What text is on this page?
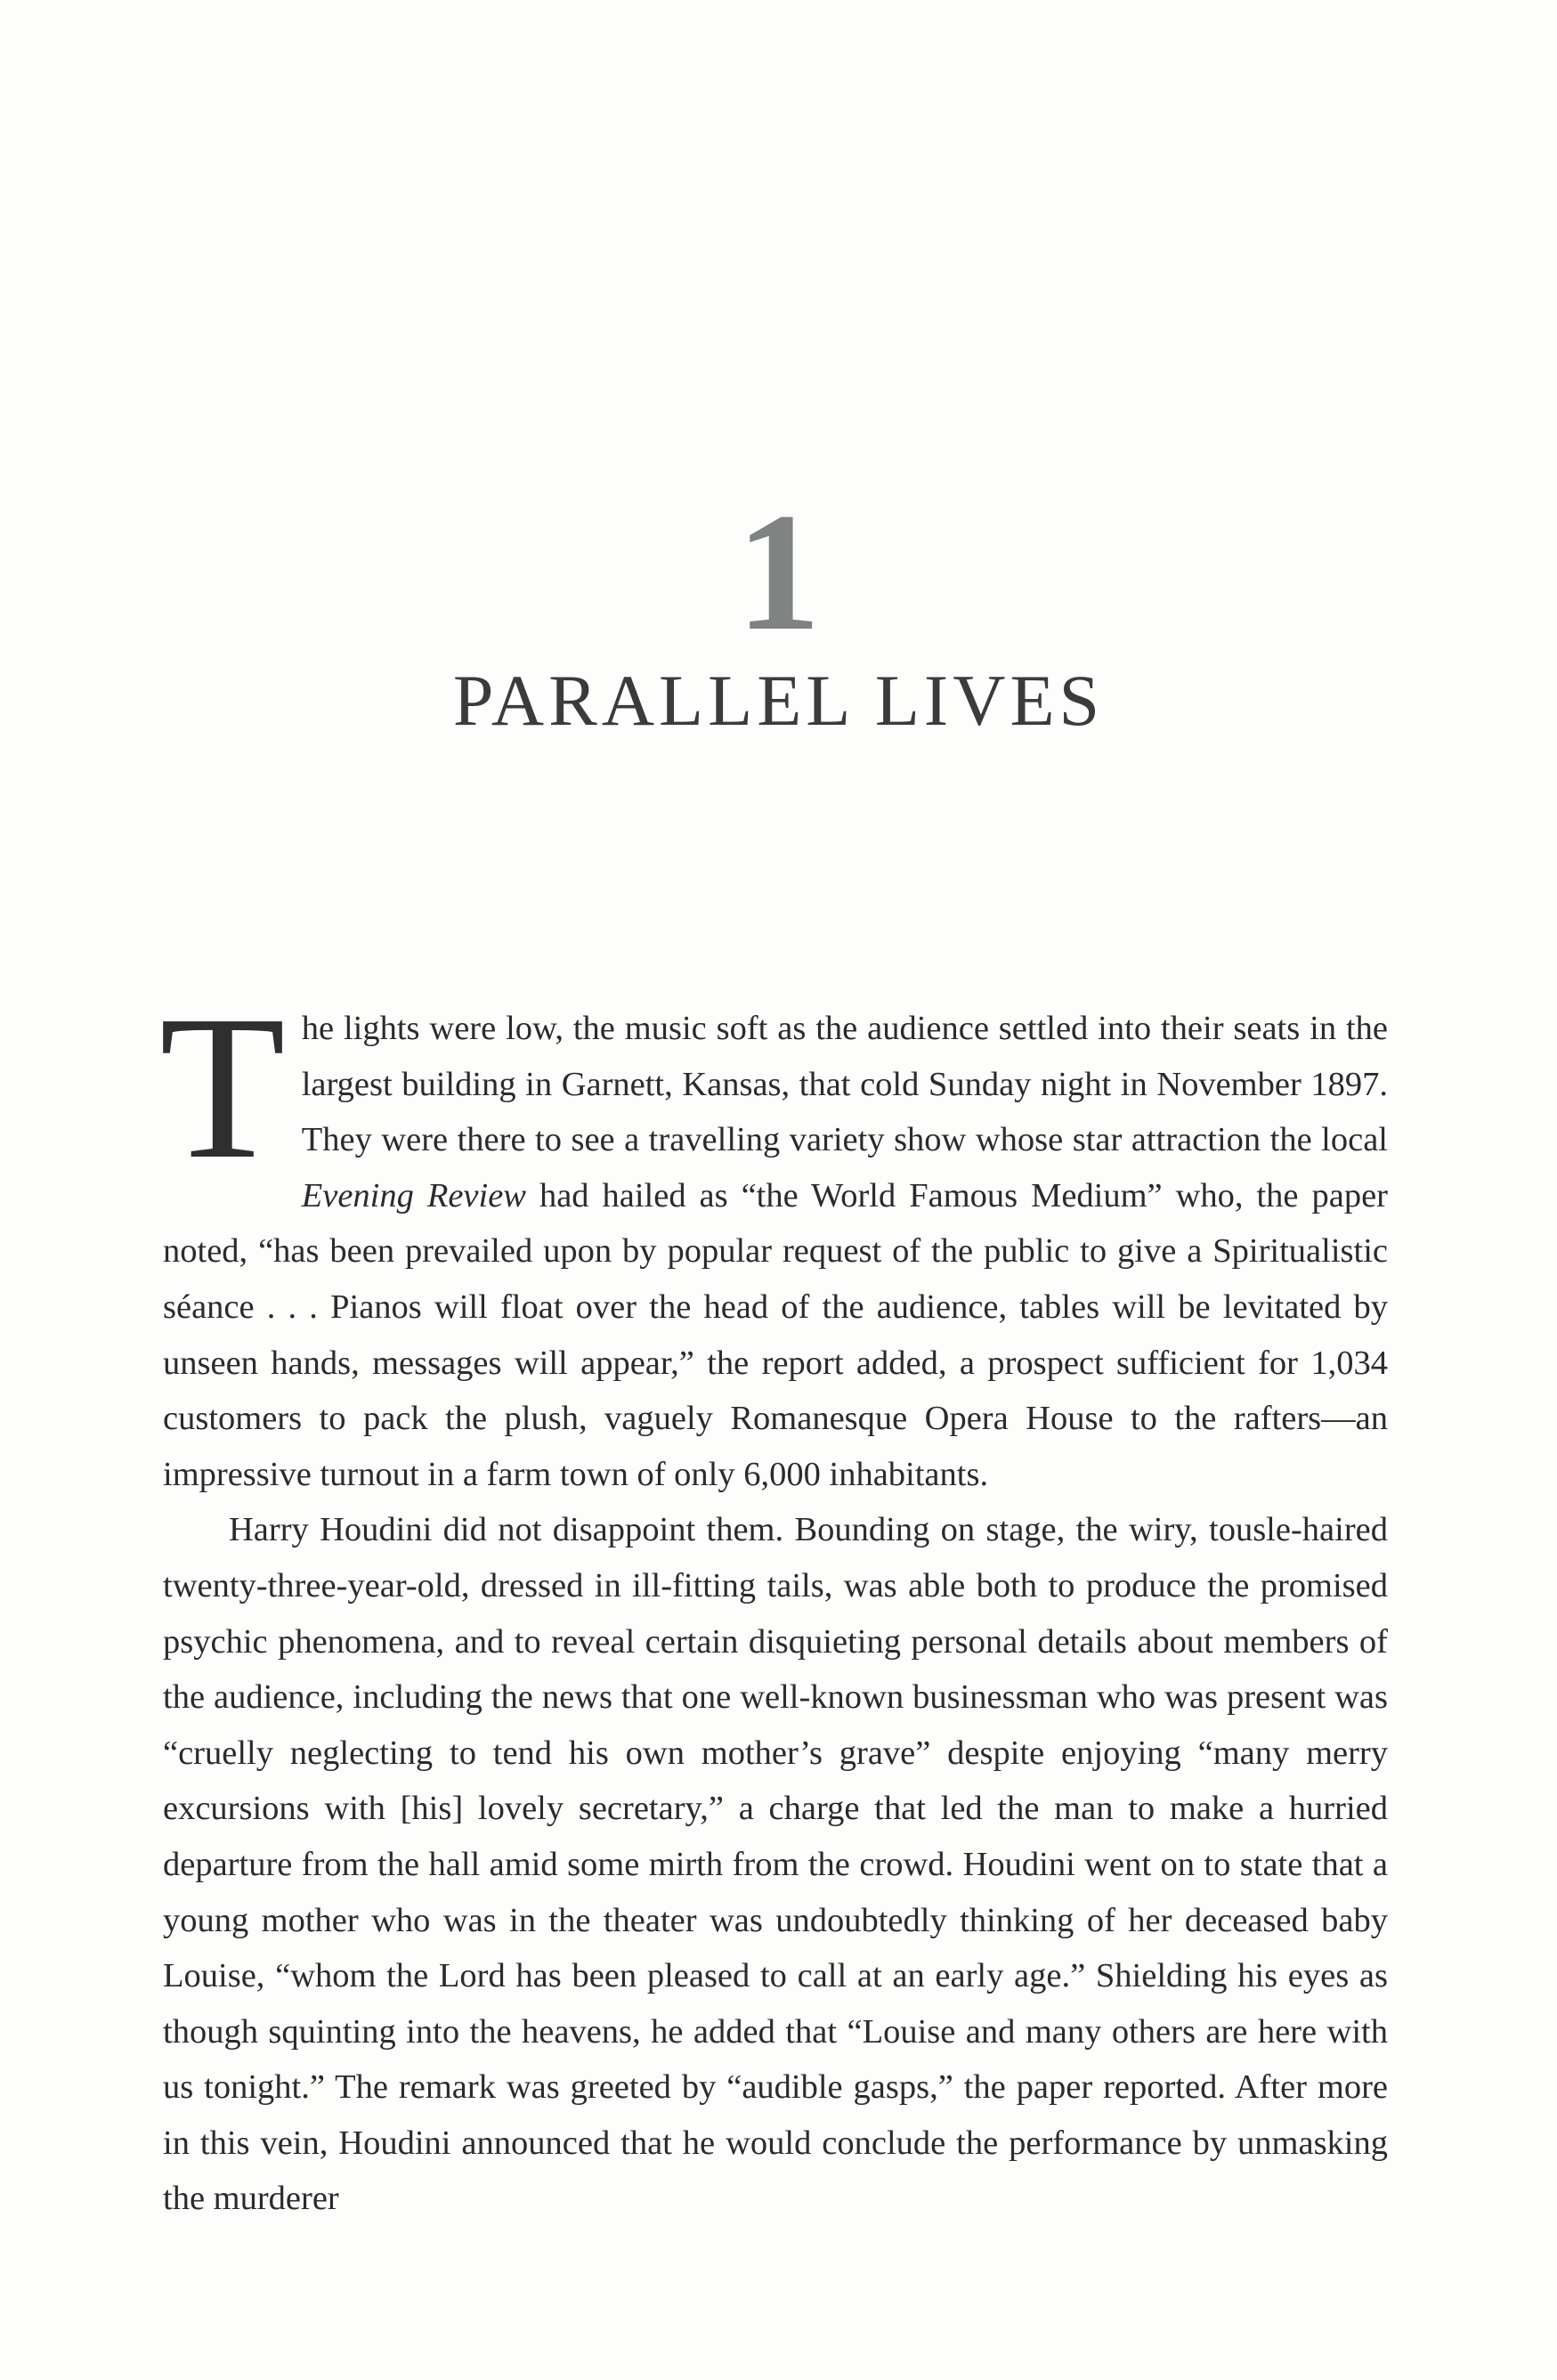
1
PARALLEL LIVES

The lights were low, the music soft as the audience settled into their seats in the largest building in Garnett, Kansas, that cold Sunday night in November 1897. They were there to see a travelling variety show whose star attraction the local Evening Review had hailed as “the World Famous Medium” who, the paper noted, “has been prevailed upon by popular request of the public to give a Spiritualistic séance . . . Pianos will float over the head of the audience, tables will be levitated by unseen hands, messages will appear,” the report added, a prospect sufficient for 1,034 customers to pack the plush, vaguely Romanesque Opera House to the rafters—an impressive turnout in a farm town of only 6,000 inhabitants.

Harry Houdini did not disappoint them. Bounding on stage, the wiry, tousle-haired twenty-three-year-old, dressed in ill-fitting tails, was able both to produce the promised psychic phenomena, and to reveal certain disquieting personal details about members of the audience, including the news that one well-known businessman who was present was “cruelly neglecting to tend his own mother’s grave” despite enjoying “many merry excursions with [his] lovely secretary,” a charge that led the man to make a hurried departure from the hall amid some mirth from the crowd. Houdini went on to state that a young mother who was in the theater was undoubtedly thinking of her deceased baby Louise, “whom the Lord has been pleased to call at an early age.” Shielding his eyes as though squinting into the heavens, he added that “Louise and many others are here with us tonight.” The remark was greeted by “audible gasps,” the paper reported. After more in this vein, Houdini announced that he would conclude the performance by unmasking the murderer
